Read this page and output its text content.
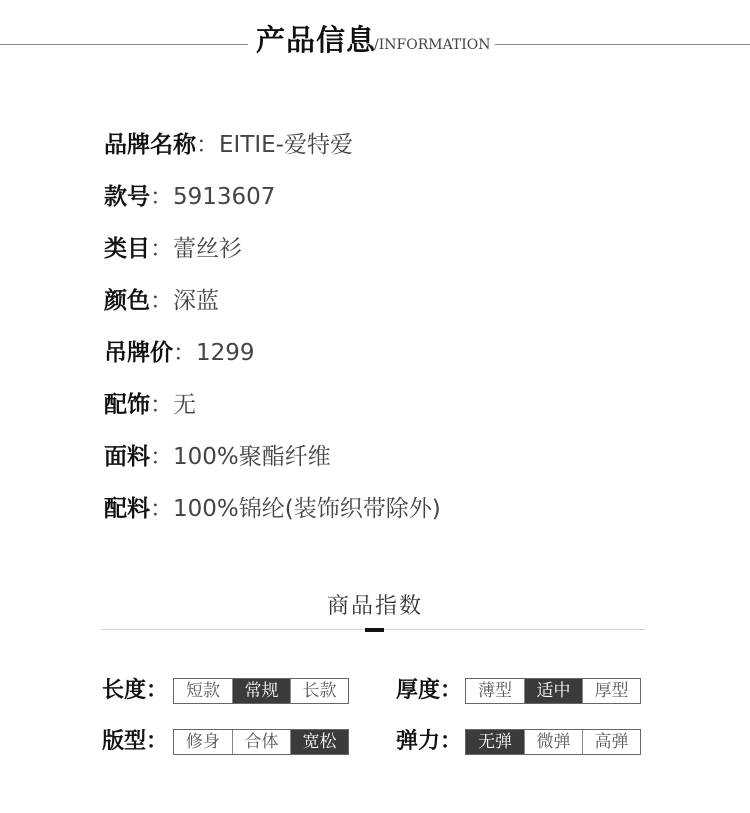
产品信息
/INFORMATION
品牌名称：EITIE-爱特爱
款号：5913607
类目：蕾丝衫
颜色：深蓝
吊牌价：1299
配饰：无
面料：100%聚酯纤维
配料：100%锦纶(装饰织带除外)
商品指数
长度：	短款	常规	长款	厚度： 薄型	适中	厚型
版型：	修身	合体	宽松	弹力： 无弹	微弹	高弹
